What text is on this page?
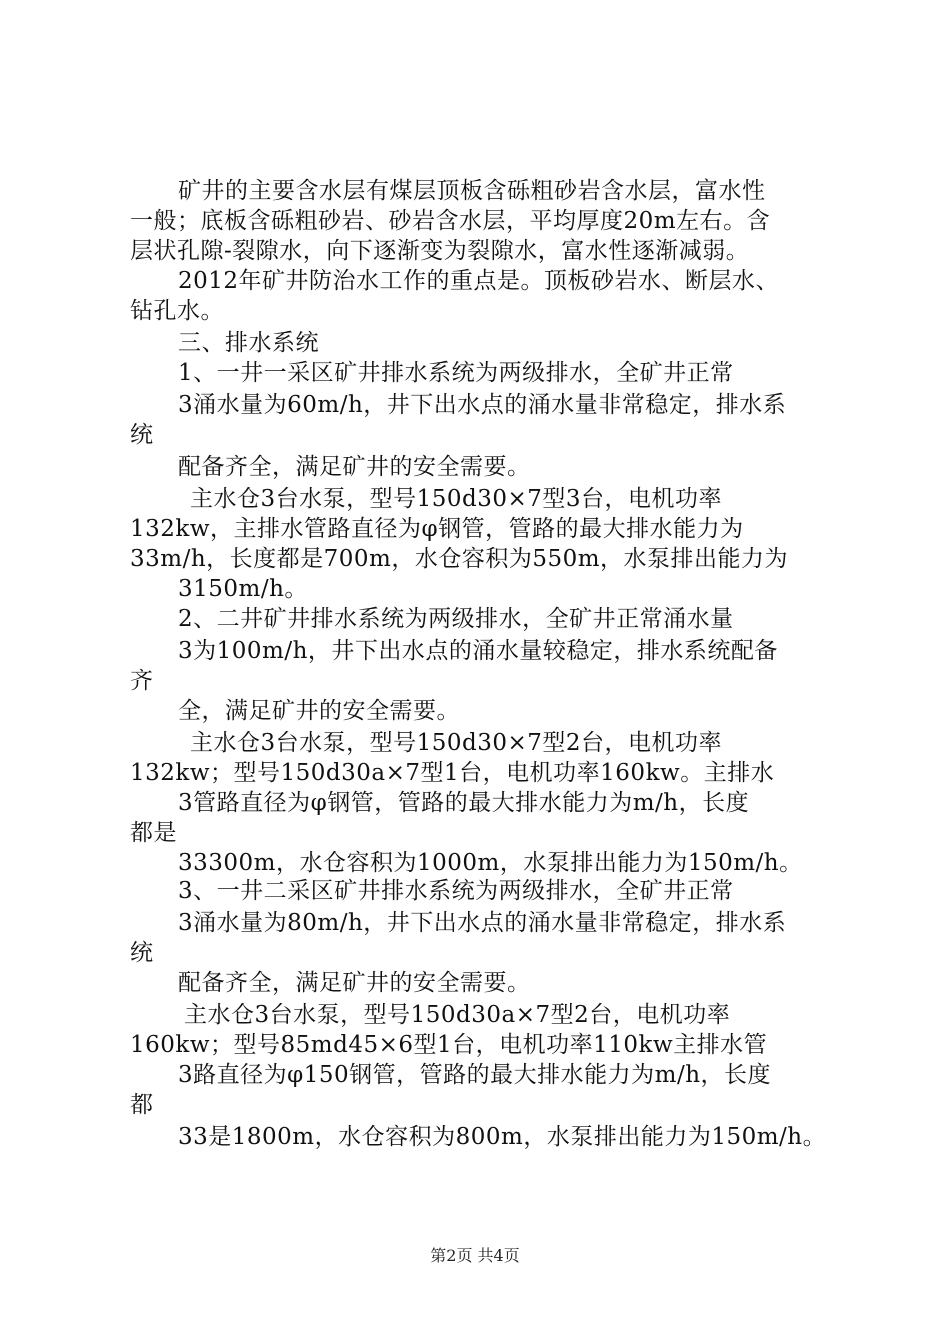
矿井的主要含水层有煤层顶板含砾粗砂岩含水层，富水性
一般；底板含砾粗砂岩、砂岩含水层，平均厚度20m左右。含
层状孔隙-裂隙水，向下逐渐变为裂隙水，富水性逐渐减弱。
2012年矿井防治水工作的重点是。顶板砂岩水、断层水、
钻孔水。
三、排水系统
1、一井一采区矿井排水系统为两级排水，全矿井正常
3涌水量为60m/h，井下出水点的涌水量非常稳定，排水系
统
配备齐全，满足矿井的安全需要。
主水仓3台水泵，型号150d30×7型3台，电机功率
132kw，主排水管路直径为φ钢管，管路的最大排水能力为
33m/h，长度都是700m，水仓容积为550m，水泵排出能力为
3150m/h。
2、二井矿井排水系统为两级排水，全矿井正常涌水量
3为100m/h，井下出水点的涌水量较稳定，排水系统配备
齐
全，满足矿井的安全需要。
主水仓3台水泵，型号150d30×7型2台，电机功率
132kw；型号150d30a×7型1台，电机功率160kw。主排水
3管路直径为φ钢管，管路的最大排水能力为m/h，长度
都是
33300m，水仓容积为1000m，水泵排出能力为150m/h。
3、一井二采区矿井排水系统为两级排水，全矿井正常
3涌水量为80m/h，井下出水点的涌水量非常稳定，排水系
统
配备齐全，满足矿井的安全需要。
主水仓3台水泵，型号150d30a×7型2台，电机功率
160kw；型号85md45×6型1台，电机功率110kw主排水管
3路直径为φ150钢管，管路的最大排水能力为m/h，长度
都
33是1800m，水仓容积为800m，水泵排出能力为150m/h。
第2页 共4页
